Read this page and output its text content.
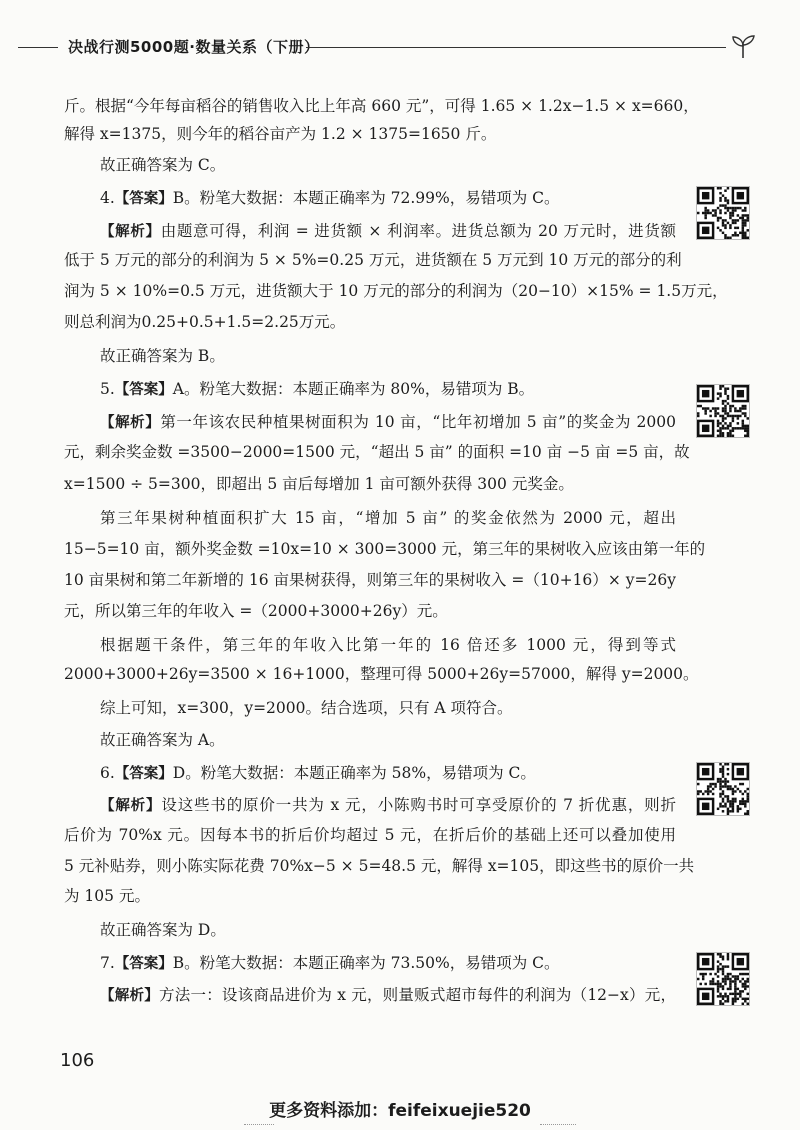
决战行测5000题·数量关系（下册）
斤。根据“今年每亩稻谷的销售收入比上年高 660 元”，可得 1.65 × 1.2x−1.5 × x=660，
解得 x=1375，则今年的稻谷亩产为 1.2 × 1375=1650 斤。
故正确答案为 C。
4.【答案】B。粉笔大数据：本题正确率为 72.99%，易错项为 C。
【解析】由题意可得，利润 = 进货额 × 利润率。进货总额为 20 万元时，进货额
低于 5 万元的部分的利润为 5 × 5%=0.25 万元，进货额在 5 万元到 10 万元的部分的利
润为 5 × 10%=0.5 万元，进货额大于 10 万元的部分的利润为（20−10）×15% = 1.5万元，
则总利润为0.25+0.5+1.5=2.25万元。
故正确答案为 B。
5.【答案】A。粉笔大数据：本题正确率为 80%，易错项为 B。
【解析】第一年该农民种植果树面积为 10 亩，“比年初增加 5 亩”的奖金为 2000
元，剩余奖金数 =3500−2000=1500 元，“超出 5 亩” 的面积 =10 亩 −5 亩 =5 亩，故
x=1500 ÷ 5=300，即超出 5 亩后每增加 1 亩可额外获得 300 元奖金。
第三年果树种植面积扩大 15 亩，“增加 5 亩” 的奖金依然为 2000 元，超出
15−5=10 亩，额外奖金数 =10x=10 × 300=3000 元，第三年的果树收入应该由第一年的
10 亩果树和第二年新增的 16 亩果树获得，则第三年的果树收入 =（10+16）× y=26y
元，所以第三年的年收入 =（2000+3000+26y）元。
根据题干条件，第三年的年收入比第一年的 16 倍还多 1000 元，得到等式
2000+3000+26y=3500 × 16+1000，整理可得 5000+26y=57000，解得 y=2000。
综上可知，x=300，y=2000。结合选项，只有 A 项符合。
故正确答案为 A。
6.【答案】D。粉笔大数据：本题正确率为 58%，易错项为 C。
【解析】设这些书的原价一共为 x 元，小陈购书时可享受原价的 7 折优惠，则折
后价为 70%x 元。因每本书的折后价均超过 5 元，在折后价的基础上还可以叠加使用
5 元补贴券，则小陈实际花费 70%x−5 × 5=48.5 元，解得 x=105，即这些书的原价一共
为 105 元。
故正确答案为 D。
7.【答案】B。粉笔大数据：本题正确率为 73.50%，易错项为 C。
【解析】方法一：设该商品进价为 x 元，则量贩式超市每件的利润为（12−x）元，
106
更多资料添加：feifeixuejie520
